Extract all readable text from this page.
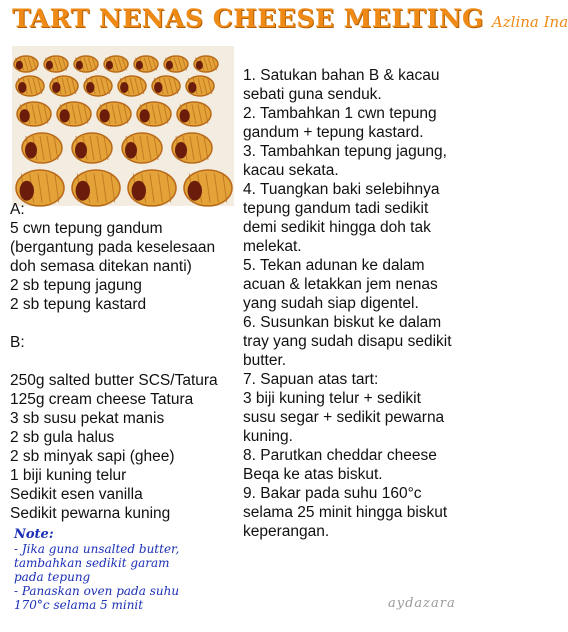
TART NENAS CHEESE MELTING Azlina Ina

A:

5 cwn tepung gandum

(bergantung pada keselesaan

doh semasa ditekan nanti)

2 sb tepung jagung

2 sb tepung kastard

B:

250g salted butter SCS/Tatura

125g cream cheese Tatura

3 sb susu pekat manis

2 sb gula halus

2 sb minyak sapi (ghee)

1 biji kuning telur

Sedikit esen vanilla

Sedikit pewarna kuning

1. Satukan bahan B & kacau

sebati guna senduk.

2. Tambahkan 1 cwn tepung

gandum + tepung kastard.

3. Tambahkan tepung jagung,

kacau sekata.

4. Tuangkan baki selebihnya

tepung gandum tadi sedikit

demi sedikit hingga doh tak

melekat.

5. Tekan adunan ke dalam

acuan & letakkan jem nenas

yang sudah siap digentel.

6. Susunkan biskut ke dalam

tray yang sudah disapu sedikit

butter.

7. Sapuan atas tart:

3 biji kuning telur + sedikit

susu segar + sedikit pewarna

kuning.

8. Parutkan cheddar cheese

Beqa ke atas biskut.

9. Bakar pada suhu 160°c

selama 25 minit hingga biskut

keperangan.

Note:

- Jika guna unsalted butter,

tambahkan sedikit garam

pada tepung

- Panaskan oven pada suhu

170°c selama 5 minit	aydazara
